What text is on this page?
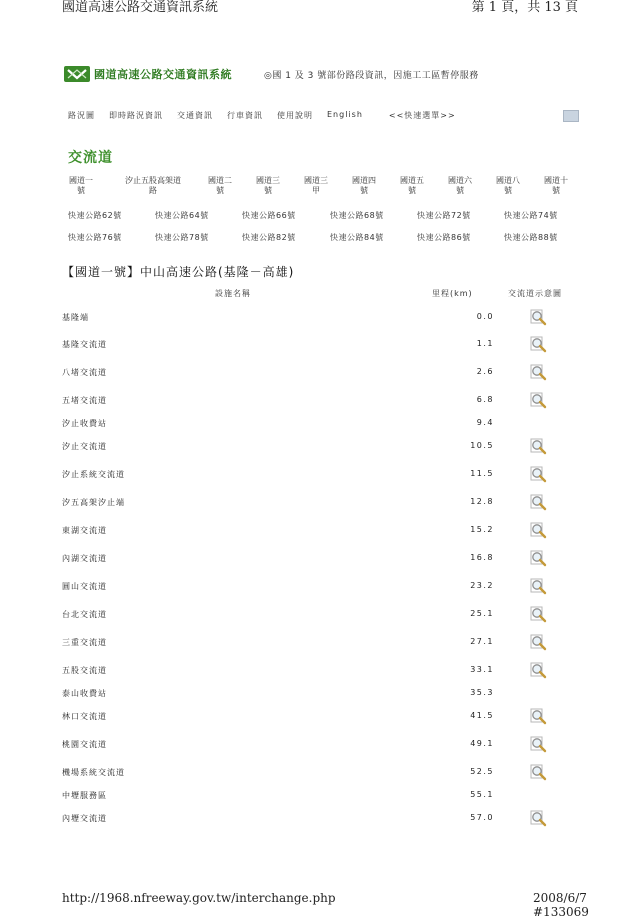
國道高速公路交通資訊系統	第 1 頁，共 13 頁
國道高速公路交通資訊系統	◎國 1 及 3 號部份路段資訊，因施工工區暫停服務
路況圖 即時路況資訊 交通資訊 行車資訊 使用說明 English	<<快速選單>>
交流道
國道一
號
汐止五股高架道
路
國道二
號
國道三
號
國道三
甲
國道四
號
國道五
號
國道六
號
國道八
號
國道十
號
快速公路62號	快速公路64號	快速公路66號	快速公路68號	快速公路72號	快速公路74號
快速公路76號	快速公路78號	快速公路82號	快速公路84號	快速公路86號	快速公路88號
【國道一號】中山高速公路(基隆－高雄)
設施名稱	里程(km)	交流道示意圖
基隆端	0.0
基隆交流道	1.1
八堵交流道	2.6
五堵交流道	6.8
汐止收費站	9.4
汐止交流道	10.5
汐止系統交流道	11.5
汐五高架汐止端	12.8
東湖交流道	15.2
內湖交流道	16.8
圓山交流道	23.2
台北交流道	25.1
三重交流道	27.1
五股交流道	33.1
泰山收費站	35.3
林口交流道	41.5
桃園交流道	49.1
機場系統交流道	52.5
中壢服務區	55.1
內壢交流道	57.0
http://1968.nfreeway.gov.tw/interchange.php	2008/6/7 #133069
